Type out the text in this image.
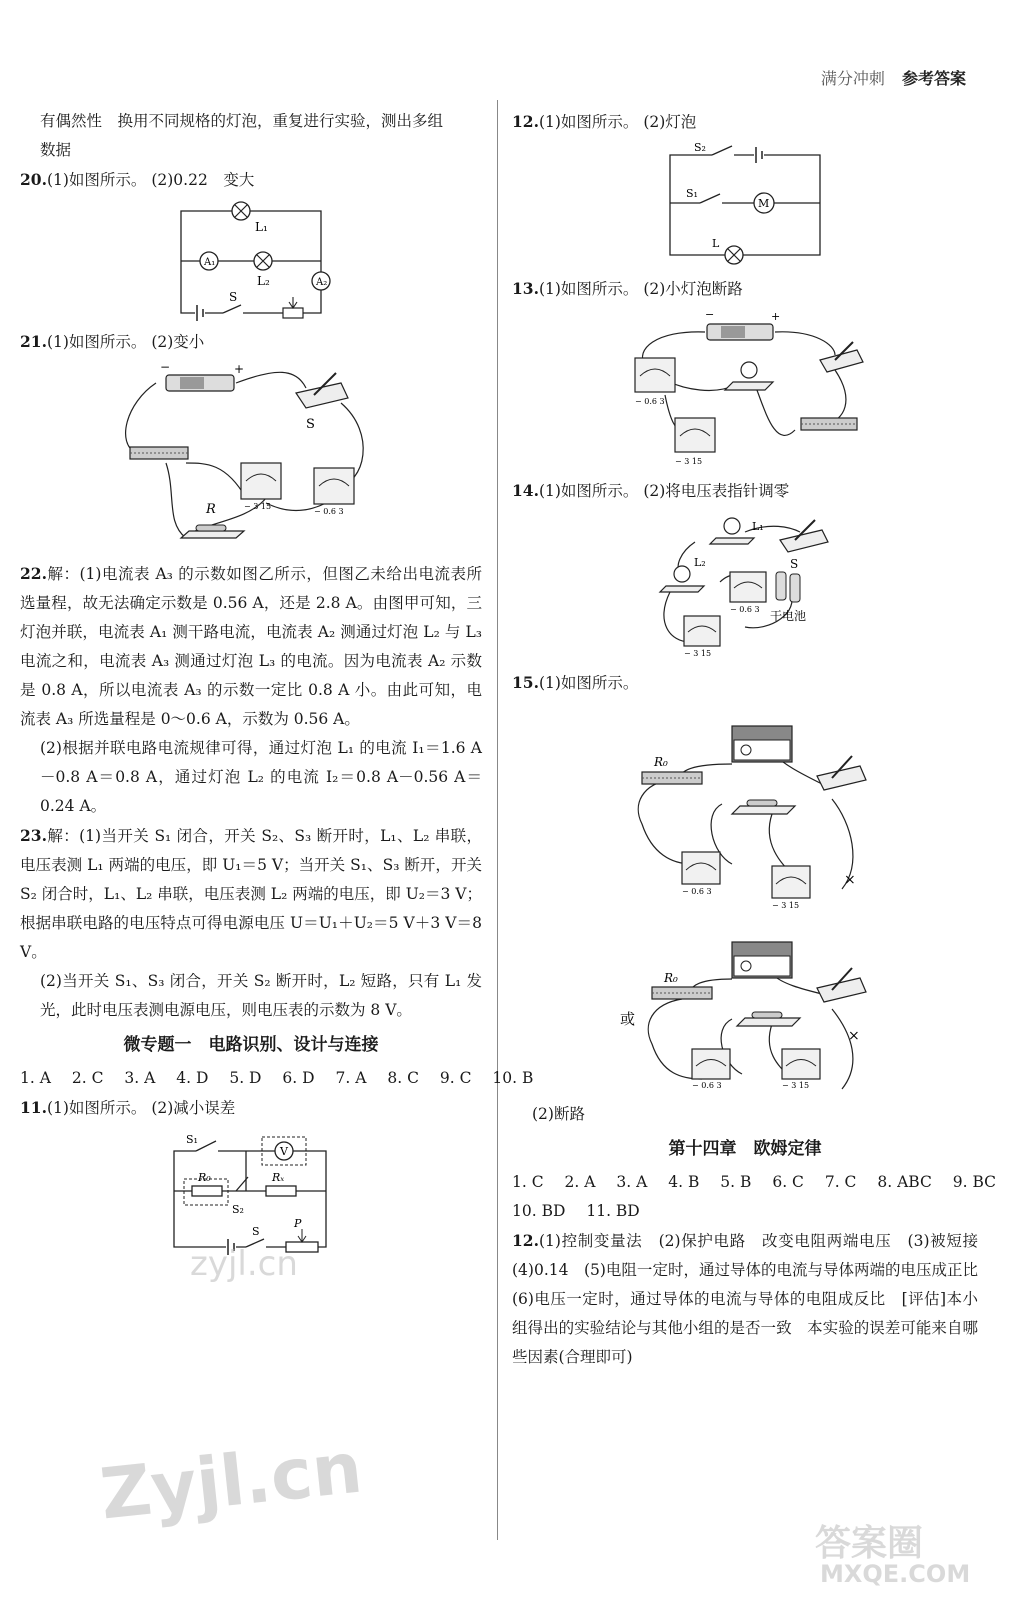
满分冲刺 参考答案

有偶然性　换用不同规格的灯泡，重复进行实验，测出多组

数据

20.(1)如图所示。 (2)0.22　变大

L₁
A₁
L₂	A₂
S

21.(1)如图所示。 (2)变小

−	+
S
− 3 15
− 0.6 3
R

22.解：(1)电流表 A₃ 的示数如图乙所示，但图乙未给出电流表所选量程，故无法确定示数是 0.56 A，还是 2.8 A。由图甲可知，三灯泡并联，电流表 A₁ 测干路电流，电流表 A₂ 测通过灯泡 L₂ 与 L₃ 电流之和，电流表 A₃ 测通过灯泡 L₃ 的电流。因为电流表 A₂ 示数是 0.8 A，所以电流表 A₃ 的示数一定比 0.8 A 小。由此可知，电流表 A₃ 所选量程是 0～0.6 A，示数为 0.56 A。

(2)根据并联电路电流规律可得，通过灯泡 L₁ 的电流 I₁＝1.6 A－0.8 A＝0.8 A，通过灯泡 L₂ 的电流 I₂＝0.8 A－0.56 A＝0.24 A。

23.解：(1)当开关 S₁ 闭合，开关 S₂、S₃ 断开时，L₁、L₂ 串联，电压表测 L₁ 两端的电压，即 U₁＝5 V；当开关 S₁、S₃ 断开，开关 S₂ 闭合时，L₁、L₂ 串联，电压表测 L₂ 两端的电压，即 U₂＝3 V；根据串联电路的电压特点可得电源电压 U＝U₁＋U₂＝5 V＋3 V＝8 V。

(2)当开关 S₁、S₃ 闭合，开关 S₂ 断开时，L₂ 短路，只有 L₁ 发光，此时电压表测电源电压，则电压表的示数为 8 V。

微专题一　电路识别、设计与连接
1. A 2. C 3. A 4. D 5. D 6. D 7. A 8. C 9. C 10. B

11.(1)如图所示。 (2)减小误差

S₁
V
R₀
S₂
Rₓ
S
P

12.(1)如图所示。 (2)灯泡

S₂
S₁
M
L

13.(1)如图所示。 (2)小灯泡断路

−	+
− 0.6 3
− 3 15

14.(1)如图所示。 (2)将电压表指针调零

L₁
S
L₂
− 0.6 3 干电池
− 3 15

15.(1)如图所示。

R₀
− 0.6 3
− 3 15
×
或
R₀
− 0.6 3	− 3 15
×

(2)断路

第十四章　欧姆定律
1. C 2. A 3. A 4. B 5. B 6. C 7. C 8. ABC 9. BC
10. BD 11. BD

12.(1)控制变量法　(2)保护电路　改变电阻两端电压　(3)被短接　(4)0.14　(5)电阻一定时，通过导体的电流与导体两端的电压成正比　(6)电压一定时，通过导体的电流与导体的电阻成反比　[评估]本小组得出的实验结论与其他小组的是否一致　本实验的误差可能来自哪些因素(合理即可)

zyjl.cn
Zyjl.cn
答案圈
MXQE.COM
